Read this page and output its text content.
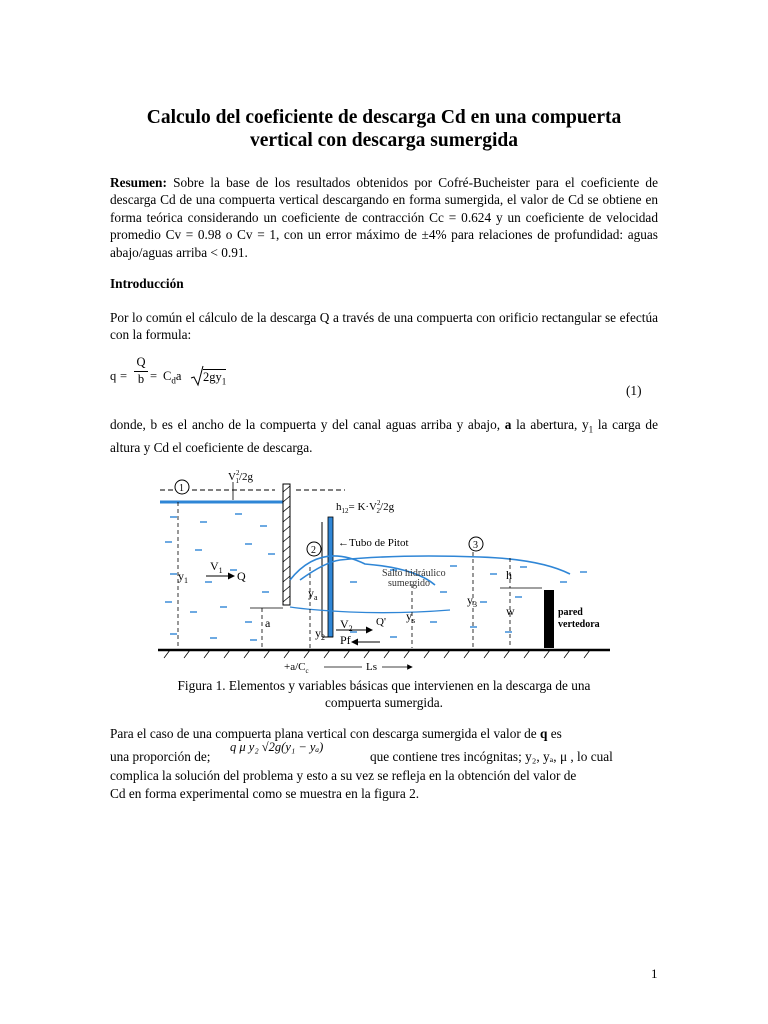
Calculo del coeficiente de descarga Cd en una compuerta
vertical con descarga sumergida
Resumen: Sobre la base de los resultados obtenidos por Cofré-Bucheister para el coeficiente de descarga Cd de una compuerta vertical descargando en forma sumergida, el valor de Cd se obtiene en forma teórica considerando un coeficiente de contracción Cc = 0.624 y un coeficiente de velocidad promedio Cv = 0.98 o Cv = 1, con un error máximo de ±4% para relaciones de profundidad: aguas abajo/aguas arriba < 0.91.
Introducción
Por lo común el cálculo de la descarga Q a través de una compuerta con orificio rectangular se efectúa con la formula:
$q = \frac{Q}{b} = C_da$ $2gy_1$
(1)
donde, b es el ancho de la compuerta y del canal aguas arriba y abajo, a la abertura, $y_1$ la carga de altura y Cd el coeficiente de descarga.
1
2	3
$V^2$ 1/2g
$h_{12}= K\cdot V^2$ 2/2g
←Tubo de Pitot
Salto hidráulico
sumergido
$y_1$
$V_1$ Q
$y_a$
a
$y_2$
$V_2$
Q'
Pf
$y_s$
$y_3$
h
w	pared
vertedora
$+a/C_c$	Ls
Figura 1. Elementos y variables básicas que intervienen en la descarga de una
compuerta sumergida.
Para el caso de una compuerta plana vertical con descarga sumergida el valor de q es
una proporción de;
q μ y₂ √2g(y₁ − yₐ)
que contiene tres incógnitas; y₂, yₐ, μ , lo cual
complica la solución del problema y esto a su vez se refleja en la obtención del valor de
Cd en forma experimental como se muestra en la figura 2.
1
